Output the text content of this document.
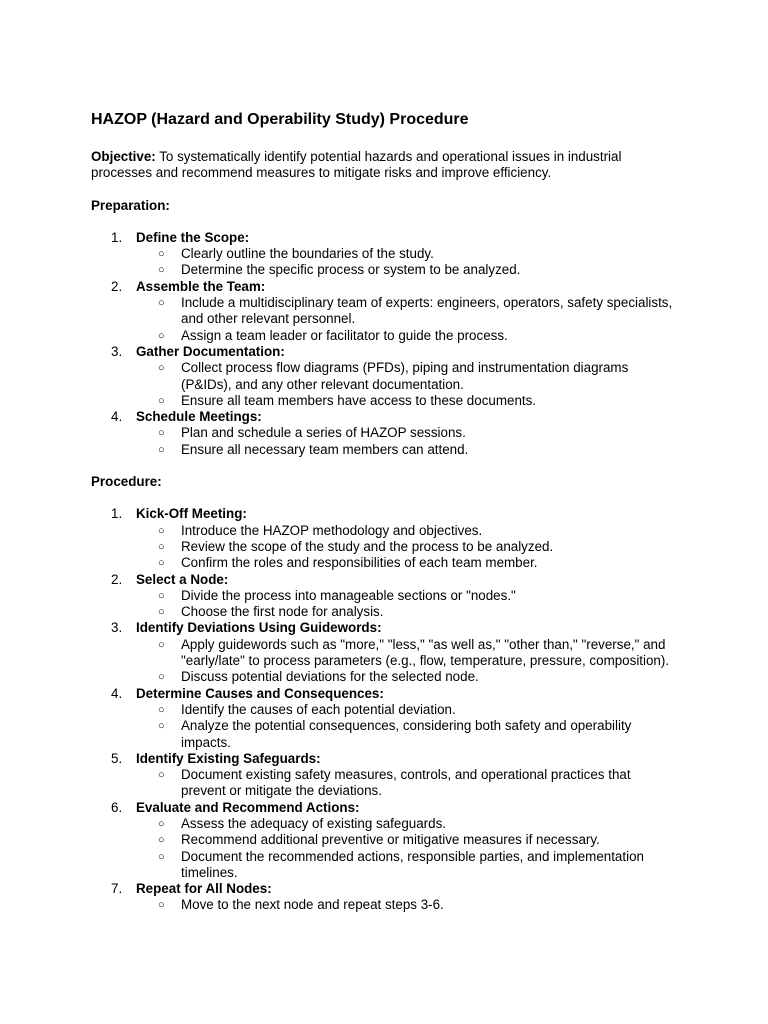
HAZOP (Hazard and Operability Study) Procedure

Objective: To systematically identify potential hazards and operational issues in industrial processes and recommend measures to mitigate risks and improve efficiency.

Preparation:

1.	Define the Scope:
○ Clearly outline the boundaries of the study.
○ Determine the specific process or system to be analyzed.
2.	Assemble the Team:
○ Include a multidisciplinary team of experts: engineers, operators, safety specialists, and other relevant personnel.
○ Assign a team leader or facilitator to guide the process.
3.	Gather Documentation:
○ Collect process flow diagrams (PFDs), piping and instrumentation diagrams (P&IDs), and any other relevant documentation.
○ Ensure all team members have access to these documents.
4.	Schedule Meetings:
○ Plan and schedule a series of HAZOP sessions.
○ Ensure all necessary team members can attend.

Procedure:

1.	Kick-Off Meeting:
○ Introduce the HAZOP methodology and objectives.
○ Review the scope of the study and the process to be analyzed.
○ Confirm the roles and responsibilities of each team member.
2.	Select a Node:
○ Divide the process into manageable sections or "nodes."
○ Choose the first node for analysis.
3.	Identify Deviations Using Guidewords:
○ Apply guidewords such as "more," "less," "as well as," "other than," "reverse," and "early/late" to process parameters (e.g., flow, temperature, pressure, composition).
○ Discuss potential deviations for the selected node.
4.	Determine Causes and Consequences:
○ Identify the causes of each potential deviation.
○ Analyze the potential consequences, considering both safety and operability impacts.
5.	Identify Existing Safeguards:
○ Document existing safety measures, controls, and operational practices that prevent or mitigate the deviations.
6.	Evaluate and Recommend Actions:
○ Assess the adequacy of existing safeguards.
○ Recommend additional preventive or mitigative measures if necessary.
○ Document the recommended actions, responsible parties, and implementation timelines.
7.	Repeat for All Nodes:
○ Move to the next node and repeat steps 3-6.
